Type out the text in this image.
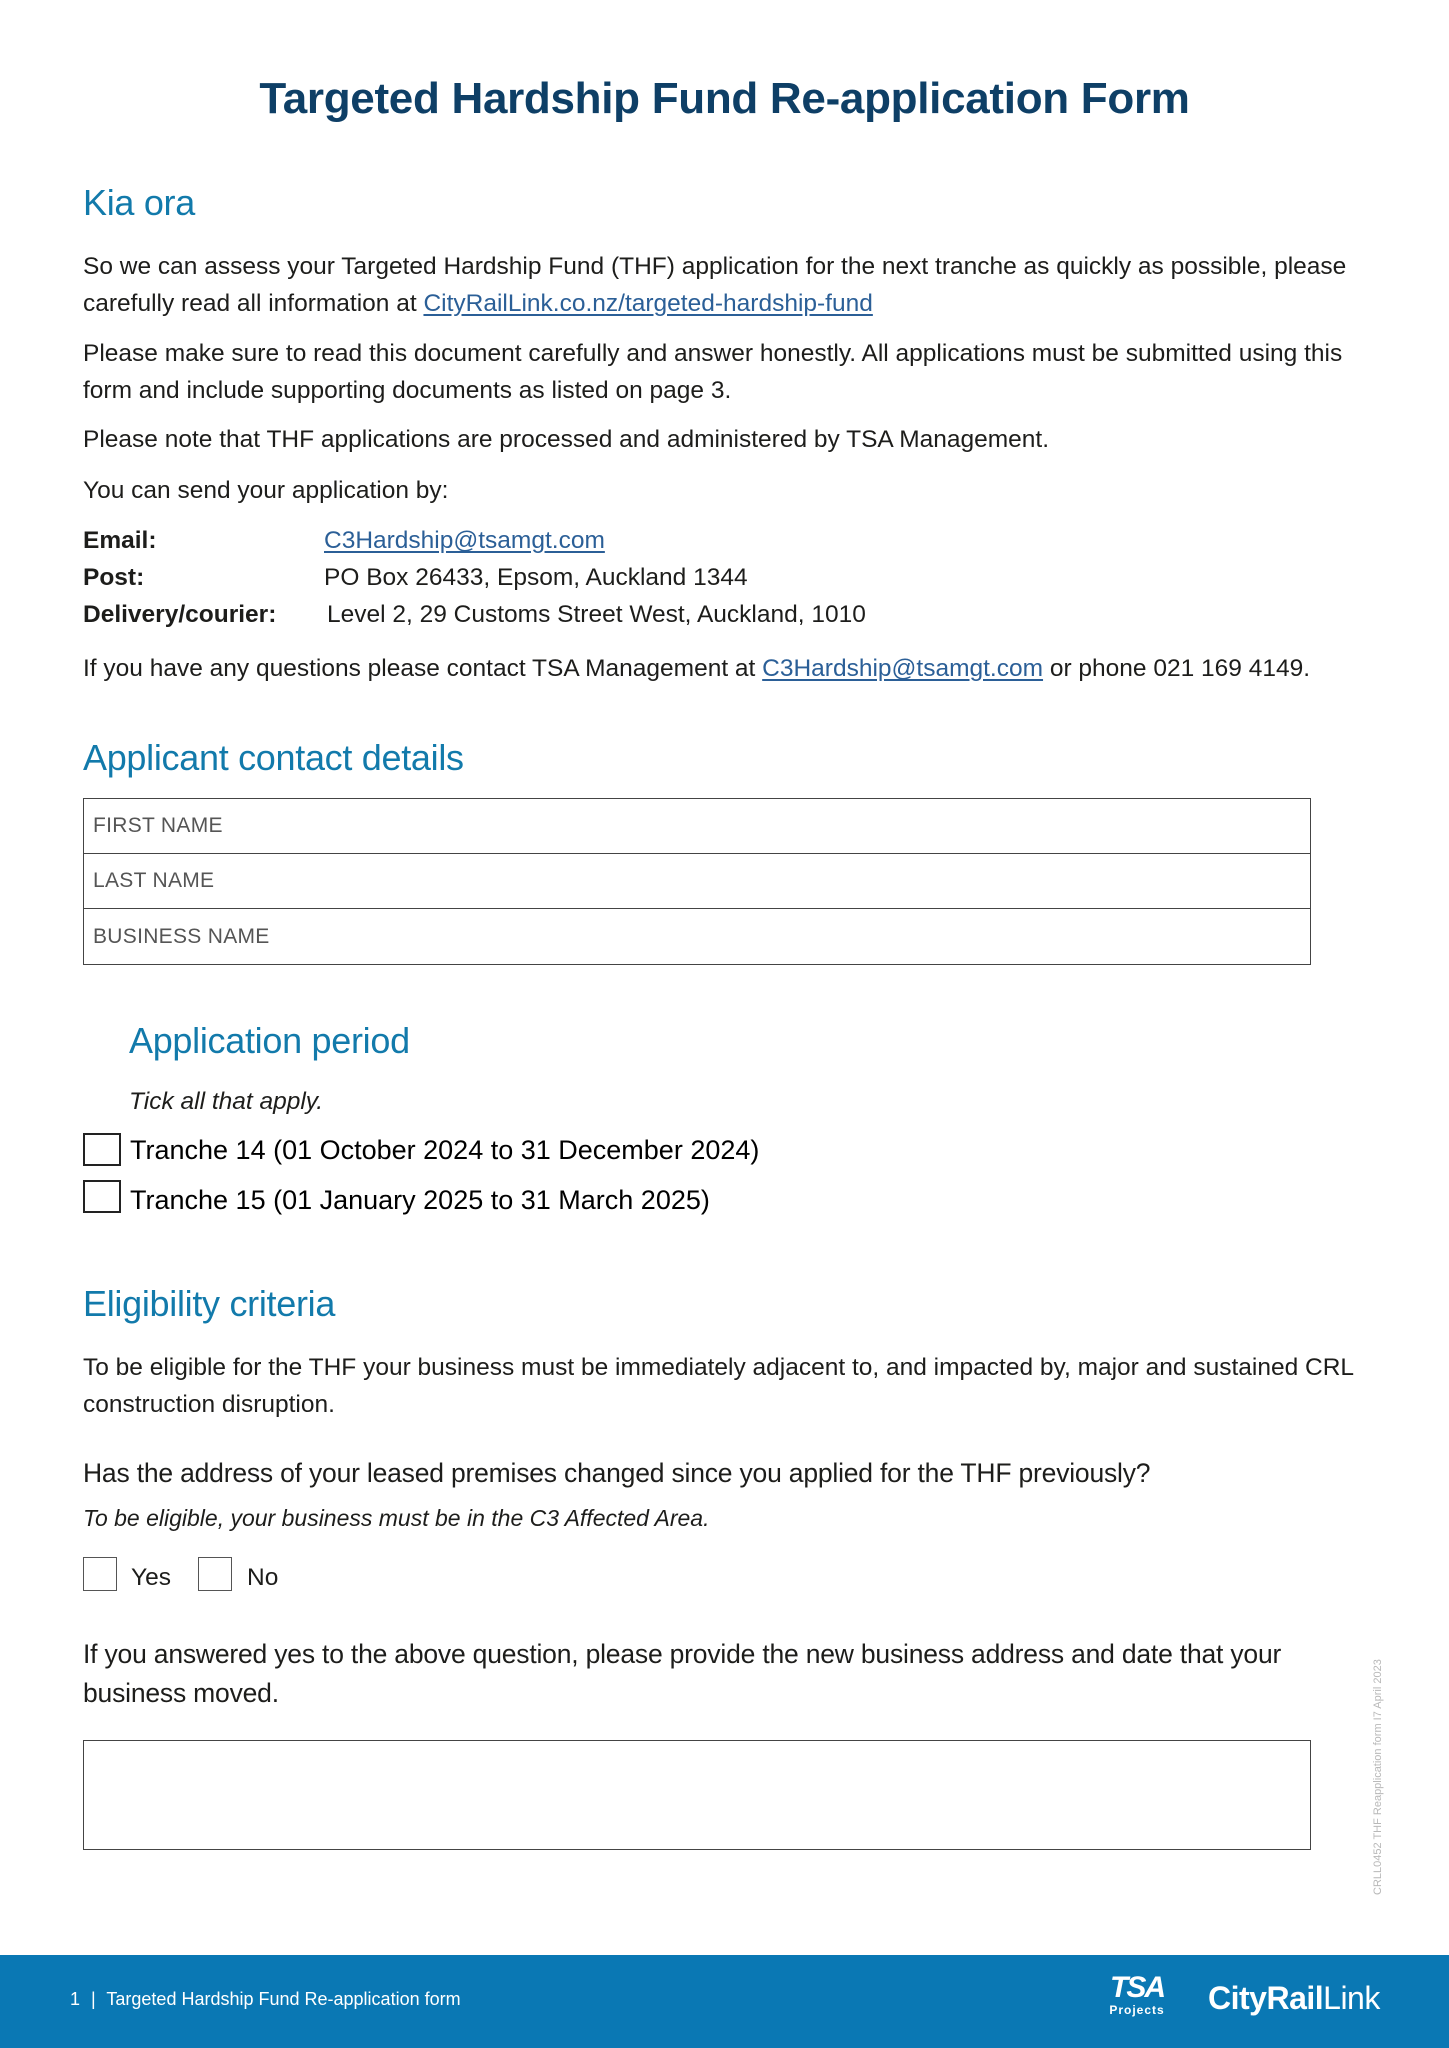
Targeted Hardship Fund Re-application Form
Kia ora

So we can assess your Targeted Hardship Fund (THF) application for the next tranche as quickly as possible, please carefully read all information at CityRailLink.co.nz/targeted-hardship-fund

Please make sure to read this document carefully and answer honestly. All applications must be submitted using this form and include supporting documents as listed on page 3.

Please note that THF applications are processed and administered by TSA Management.

You can send your application by:

Email:	C3Hardship@tsamgt.com
Post:	PO Box 26433, Epsom, Auckland 1344
Delivery/courier: Level 2, 29 Customs Street West, Auckland, 1010

If you have any questions please contact TSA Management at C3Hardship@tsamgt.com or phone 021 169 4149.

Applicant contact details
FIRST NAME
LAST NAME
BUSINESS NAME
Application period

Tick all that apply.

Tranche 14 (01 October 2024 to 31 December 2024)
Tranche 15 (01 January 2025 to 31 March 2025)
Eligibility criteria

To be eligible for the THF your business must be immediately adjacent to, and impacted by, major and sustained CRL construction disruption.

Has the address of your leased premises changed since you applied for the THF previously?

To be eligible, your business must be in the C3 Affected Area.

Yes	No

If you answered yes to the above question, please provide the new business address and date that your business moved.	CRLL0452 THF Reapplication form I7 April 2023
1 | Targeted Hardship Fund Re-application form	TSA
Projects CityRailLink
